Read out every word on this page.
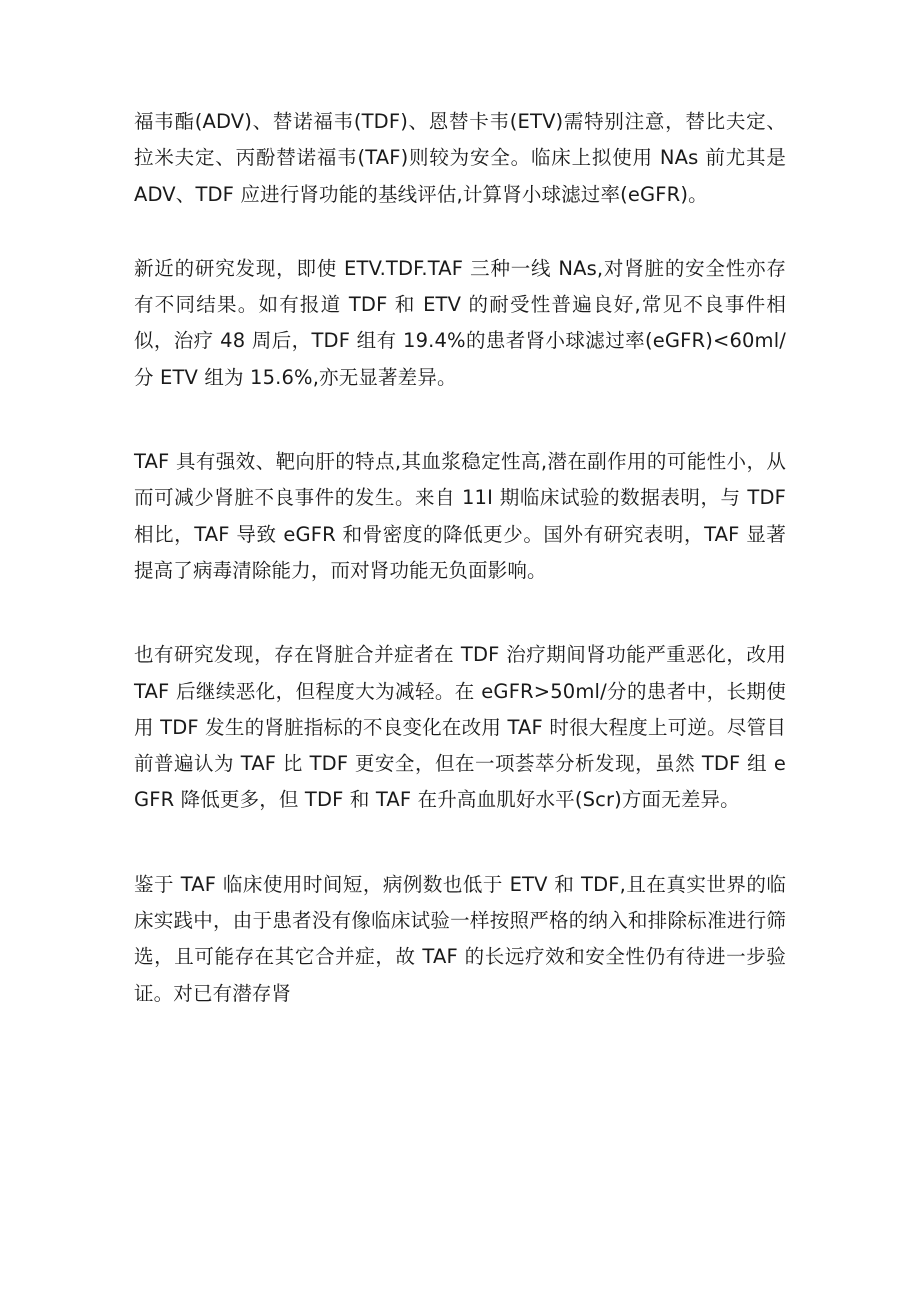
福韦酯(ADV)、替诺福韦(TDF)、恩替卡韦(ETV)需特别注意，替比夫定、拉米夫定、丙酚替诺福韦(TAF)则较为安全。临床上拟使用 NAs 前尤其是 ADV、TDF 应进行肾功能的基线评估,计算肾小球滤过率(eGFR)。

新近的研究发现，即使 ETV.TDF.TAF 三种一线 NAs,对肾脏的安全性亦存有不同结果。如有报道 TDF 和 ETV 的耐受性普遍良好,常见不良事件相似，治疗 48 周后，TDF 组有 19.4%的患者肾小球滤过率(eGFR)<60ml/分 ETV 组为 15.6%,亦无显著差异。

TAF 具有强效、靶向肝的特点,其血浆稳定性高,潜在副作用的可能性小，从而可减少肾脏不良事件的发生。来自 11I 期临床试验的数据表明，与 TDF 相比，TAF 导致 eGFR 和骨密度的降低更少。国外有研究表明，TAF 显著提高了病毒清除能力，而对肾功能无负面影响。

也有研究发现，存在肾脏合并症者在 TDF 治疗期间肾功能严重恶化，改用 TAF 后继续恶化，但程度大为减轻。在 eGFR>50ml/分的患者中，长期使用 TDF 发生的肾脏指标的不良变化在改用 TAF 时很大程度上可逆。尽管目前普遍认为 TAF 比 TDF 更安全，但在一项荟萃分析发现，虽然 TDF 组 eGFR 降低更多，但 TDF 和 TAF 在升高血肌好水平(Scr)方面无差异。

鉴于 TAF 临床使用时间短，病例数也低于 ETV 和 TDF,且在真实世界的临床实践中，由于患者没有像临床试验一样按照严格的纳入和排除标准进行筛选，且可能存在其它合并症，故 TAF 的长远疗效和安全性仍有待进一步验证。对已有潜存肾
